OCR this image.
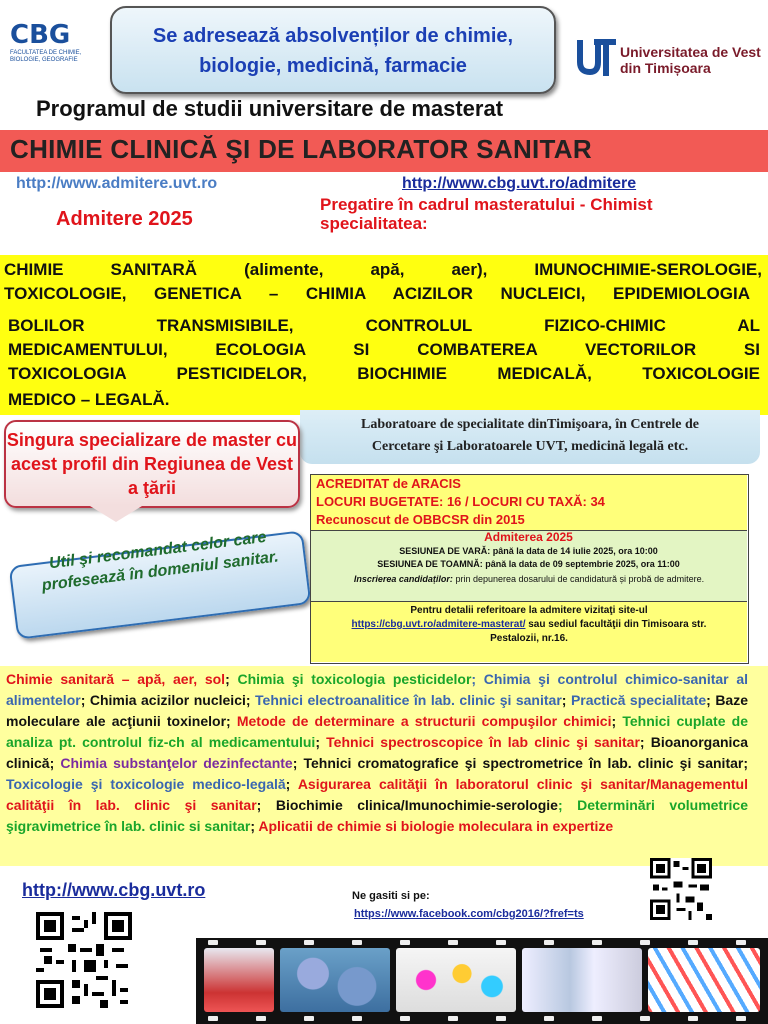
CBG
FACULTATEA DE CHIMIE, BIOLOGIE, GEOGRAFIE
Se adresează absolvenților de chimie,
biologie, medicină, farmacie
Universitatea de Vest
din Timișoara
Programul de studii universitare de masterat
CHIMIE CLINICĂ ŞI DE LABORATOR SANITAR
http://www.admitere.uvt.ro	http://www.cbg.uvt.ro/admitere
Admitere 2025
Pregatire în cadrul masteratului - Chimist specialitatea:
CHIMIE SANITARĂ (alimente, apă, aer), IMUNOCHIMIE-SEROLOGIE,
TOXICOLOGIE, GENETICA – CHIMIA ACIZILOR NUCLEICI, EPIDEMIOLOGIA
BOLILOR TRANSMISIBILE, CONTROLUL FIZICO-CHIMIC AL
MEDICAMENTULUI, ECOLOGIA SI COMBATEREA VECTORILOR SI
TOXICOLOGIA PESTICIDELOR, BIOCHIMIE MEDICALĂ, TOXICOLOGIE
MEDICO – LEGALĂ.
Laboratoare de specialitate dinTimişoara, în Centrele de
Cercetare şi Laboratoarele UVT, medicină legală etc.
Singura specializare de master cu acest profil din Regiunea de Vest a ţării
Util şi recomandat celor care profesează în domeniul sanitar.
ACREDITAT de ARACIS
LOCURI BUGETATE: 16 / LOCURI CU TAXĂ: 34
Recunoscut de OBBCSR din 2015
Admiterea 2025
SESIUNEA DE VARĂ: până la data de 14 iulie 2025, ora 10:00
SESIUNEA DE TOAMNĂ: până la data de 09 septembrie 2025, ora 11:00
Inscrierea candidaților: prin depunerea dosarului de candidatură și probă de admitere.
Pentru detalii referitoare la admitere vizitaţi site-ul
https://cbg.uvt.ro/admitere-masterat/ sau sediul facultăţii din Timisoara str.
Pestalozii, nr.16.
Chimie sanitară – apă, aer, sol; Chimia şi toxicologia pesticidelor; Chimia şi controlul chimico-sanitar al alimentelor; Chimia acizilor nucleici; Tehnici electroanalitice în lab. clinic şi sanitar; Practică specialitate; Baze moleculare ale acţiunii toxinelor; Metode de determinare a structurii compuşilor chimici; Tehnici cuplate de analiza pt. controlul fiz-ch al medicamentului; Tehnici spectroscopice în lab clinic şi sanitar; Bioanorganica clinică; Chimia substanţelor dezinfectante; Tehnici cromatografice şi spectrometrice în lab. clinic şi sanitar; Toxicologie şi toxicologie medico-legală; Asigurarea calităţii în laboratorul clinic şi sanitar/Managementul calităţii în lab. clinic şi sanitar; Biochimie clinica/Imunochimie-serologie; Determinări volumetrice şigravimetrice în lab. clinic si sanitar; Aplicatii de chimie si biologie moleculara in expertize
http://www.cbg.uvt.ro	Ne gasiti si pe:
https://www.facebook.com/cbg2016/?fref=ts
